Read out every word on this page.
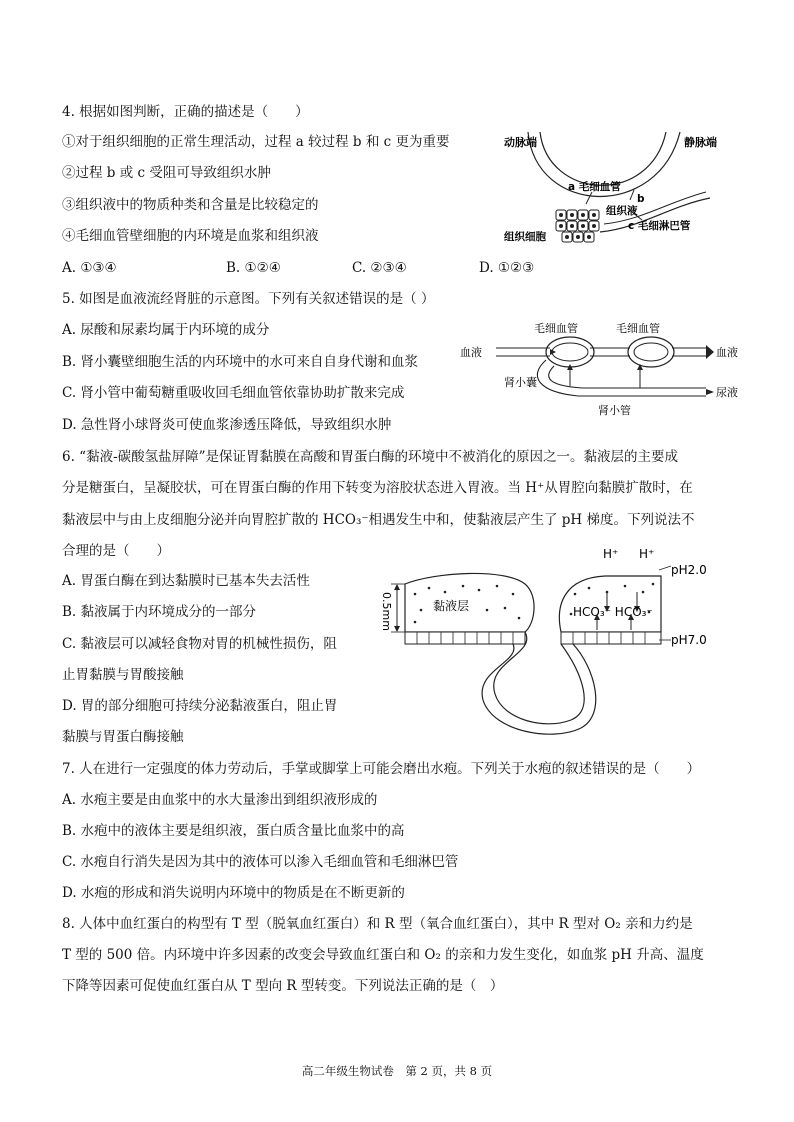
4. 根据如图判断，正确的描述是（　　）
①对于组织细胞的正常生理活动，过程 a 较过程 b 和 c 更为重要
②过程 b 或 c 受阻可导致组织水肿
③组织液中的物质种类和含量是比较稳定的
④毛细血管壁细胞的内环境是血浆和组织液
A. ①③④	B. ①②④	C. ②③④	D. ①②③
动脉端	静脉端
a 毛细血管
b
组织液
c 毛细淋巴管
组织细胞
5. 如图是血液流经肾脏的示意图。下列有关叙述错误的是（ ）
A. 尿酸和尿素均属于内环境的成分
B. 肾小囊壁细胞生活的内环境中的水可来自自身代谢和血浆
C. 肾小管中葡萄糖重吸收回毛细血管依靠协助扩散来完成
D. 急性肾小球肾炎可使血浆渗透压降低，导致组织水肿
毛细血管	毛细血管
血液	血液
肾小囊
肾小管
尿液
6. “黏液-碳酸氢盐屏障”是保证胃黏膜在高酸和胃蛋白酶的环境中不被消化的原因之一。黏液层的主要成
分是糖蛋白，呈凝胶状，可在胃蛋白酶的作用下转变为溶胶状态进入胃液。当 H⁺从胃腔向黏膜扩散时，在
黏液层中与由上皮细胞分泌并向胃腔扩散的 HCO₃⁻相遇发生中和，使黏液层产生了 pH 梯度。下列说法不
合理的是（　　）
A. 胃蛋白酶在到达黏膜时已基本失去活性
B. 黏液属于内环境成分的一部分
C. 黏液层可以减轻食物对胃的机械性损伤，阻
止胃黏膜与胃酸接触
D. 胃的部分细胞可持续分泌黏液蛋白，阻止胃
黏膜与胃蛋白酶接触
0.5mm	黏液层
H⁺ H⁺
pH2.0
HCO₃⁻ HCO₃⁻
pH7.0
7. 人在进行一定强度的体力劳动后，手掌或脚掌上可能会磨出水疱。下列关于水疱的叙述错误的是（　　）
A. 水疱主要是由血浆中的水大量渗出到组织液形成的
B. 水疱中的液体主要是组织液，蛋白质含量比血浆中的高
C. 水疱自行消失是因为其中的液体可以渗入毛细血管和毛细淋巴管
D. 水疱的形成和消失说明内环境中的物质是在不断更新的
8. 人体中血红蛋白的构型有 T 型（脱氧血红蛋白）和 R 型（氧合血红蛋白），其中 R 型对 O₂ 亲和力约是
T 型的 500 倍。内环境中许多因素的改变会导致血红蛋白和 O₂ 的亲和力发生变化，如血浆 pH 升高、温度
下降等因素可促使血红蛋白从 T 型向 R 型转变。下列说法正确的是（　）
高二年级生物试卷　第 2 页，共 8 页
